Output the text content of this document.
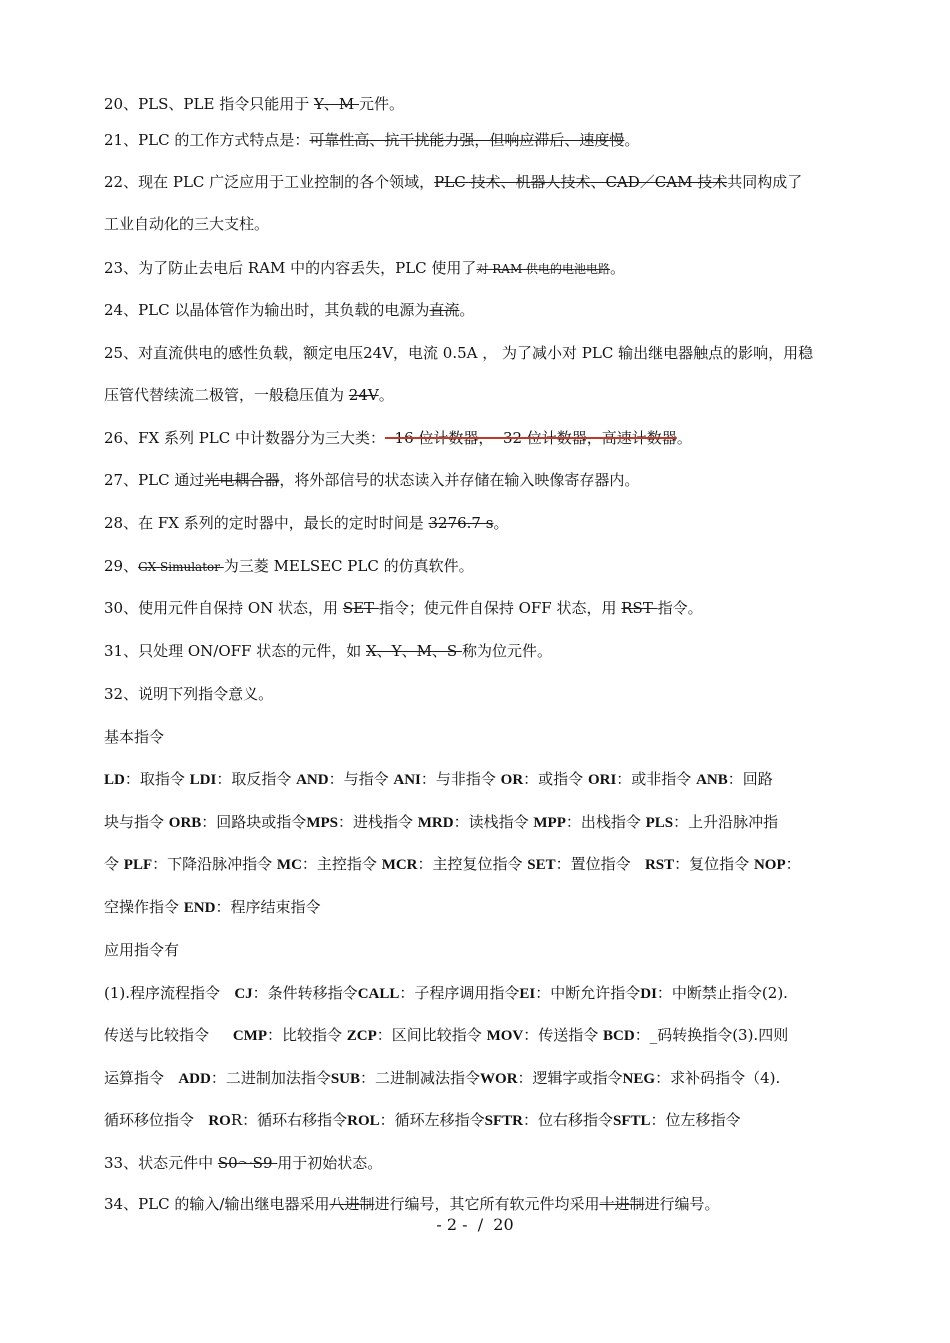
20、PLS、PLE 指令只能用于 Y、M 元件。
21、PLC 的工作方式特点是：可靠性高、抗干扰能力强，但响应滞后、速度慢。
22、现在 PLC 广泛应用于工业控制的各个领域，PLC 技术、机器人技术、CAD／CAM 技术共同构成了
工业自动化的三大支柱。
23、为了防止去电后 RAM 中的内容丢失，PLC 使用了对 RAM 供电的电池电路。
24、PLC 以晶体管作为输出时，其负载的电源为直流。
25、对直流供电的感性负载，额定电压24V，电流 0.5A ， 为了减小对 PLC 输出继电器触点的影响，用稳
压管代替续流二极管，一般稳压值为 24V。
26、FX 系列 PLC 中计数器分为三大类：  16 位计数器，  32 位计数器，高速计数器。
27、PLC 通过光电耦合器，将外部信号的状态读入并存储在输入映像寄存器内。
28、在 FX 系列的定时器中，最长的定时时间是 3276.7 s。
29、GX Simulator 为三菱 MELSEC PLC 的仿真软件。
30、使用元件自保持 ON 状态，用 SET 指令；使元件自保持 OFF 状态，用 RST 指令。
31、只处理 ON/OFF 状态的元件，如 X、Y、M、S 称为位元件。
32、说明下列指令意义。
基本指令
LD：取指令 LDI：取反指令 AND：与指令 ANI：与非指令 OR：或指令 ORI：或非指令 ANB：回路
块与指令 ORB：回路块或指令MPS：进栈指令 MRD：读栈指令 MPP：出栈指令 PLS：上升沿脉冲指
令 PLF：下降沿脉冲指令 MC：主控指令 MCR：主控复位指令 SET：置位指令   RST：复位指令 NOP：
空操作指令 END：程序结束指令
应用指令有
(1).程序流程指令   CJ：条件转移指令CALL：子程序调用指令EI：中断允许指令DI：中断禁止指令(2).
传送与比较指令     CMP：比较指令 ZCP：区间比较指令 MOV：传送指令 BCD：_码转换指令(3).四则
运算指令   ADD：二进制加法指令SUB：二进制减法指令WOR：逻辑字或指令NEG：求补码指令（4).
循环移位指令   ROR：循环右移指令ROL：循环左移指令SFTR：位右移指令SFTL：位左移指令
33、状态元件中 S0～S9 用于初始状态。
34、PLC 的输入/输出继电器采用八进制进行编号，其它所有软元件均采用十进制进行编号。
- 2 -  /  20
